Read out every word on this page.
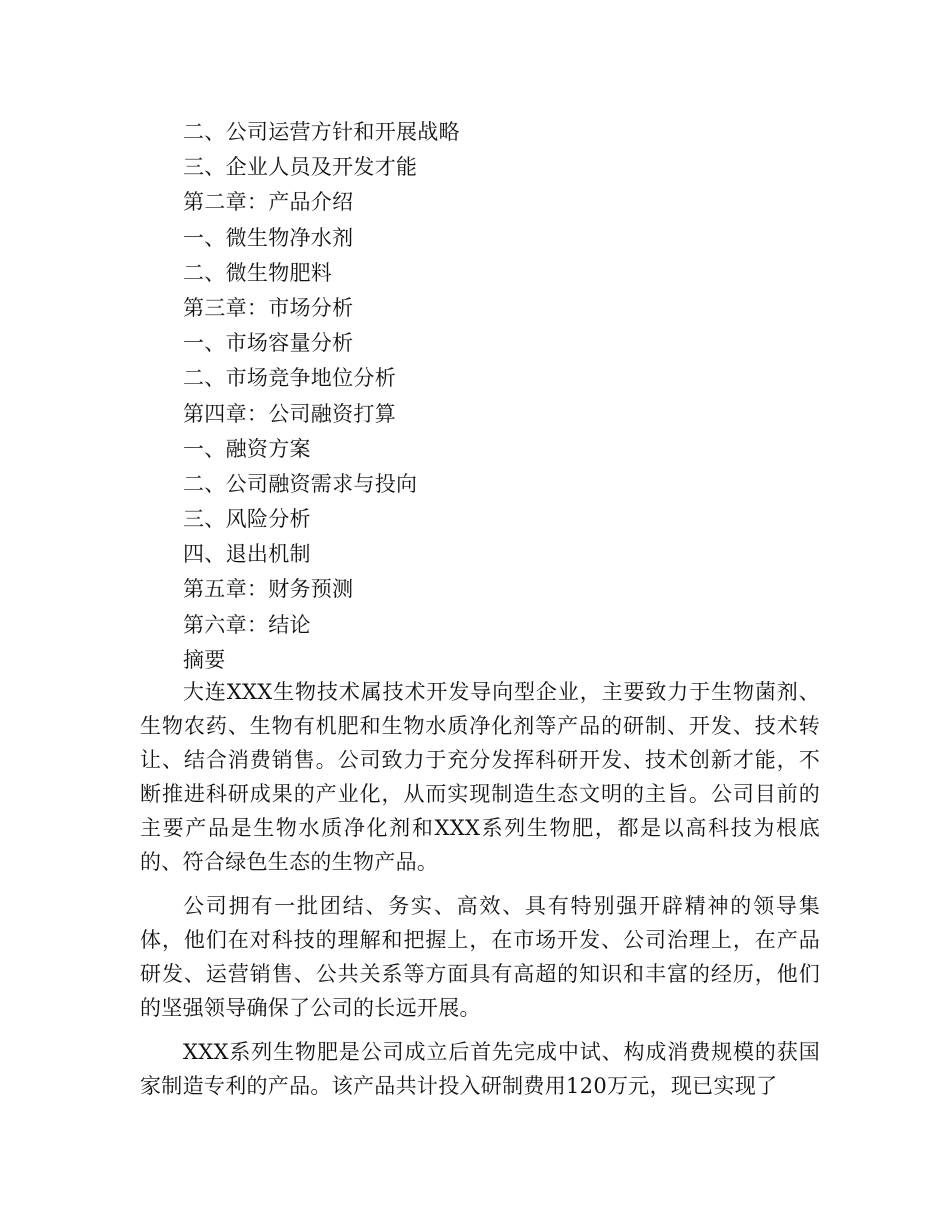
二、公司运营方针和开展战略
三、企业人员及开发才能
第二章：产品介绍
一、微生物净水剂
二、微生物肥料
第三章：市场分析
一、市场容量分析
二、市场竞争地位分析
第四章：公司融资打算
一、融资方案
二、公司融资需求与投向
三、风险分析
四、退出机制
第五章：财务预测
第六章：结论
摘要

大连XXX生物技术属技术开发导向型企业，主要致力于生物菌剂、生物农药、生物有机肥和生物水质净化剂等产品的研制、开发、技术转让、结合消费销售。公司致力于充分发挥科研开发、技术创新才能，不断推进科研成果的产业化，从而实现制造生态文明的主旨。公司目前的主要产品是生物水质净化剂和XXX系列生物肥，都是以高科技为根底的、符合绿色生态的生物产品。

公司拥有一批团结、务实、高效、具有特别强开辟精神的领导集体，他们在对科技的理解和把握上，在市场开发、公司治理上，在产品研发、运营销售、公共关系等方面具有高超的知识和丰富的经历，他们的坚强领导确保了公司的长远开展。

XXX系列生物肥是公司成立后首先完成中试、构成消费规模的获国家制造专利的产品。该产品共计投入研制费用120万元，现已实现了
